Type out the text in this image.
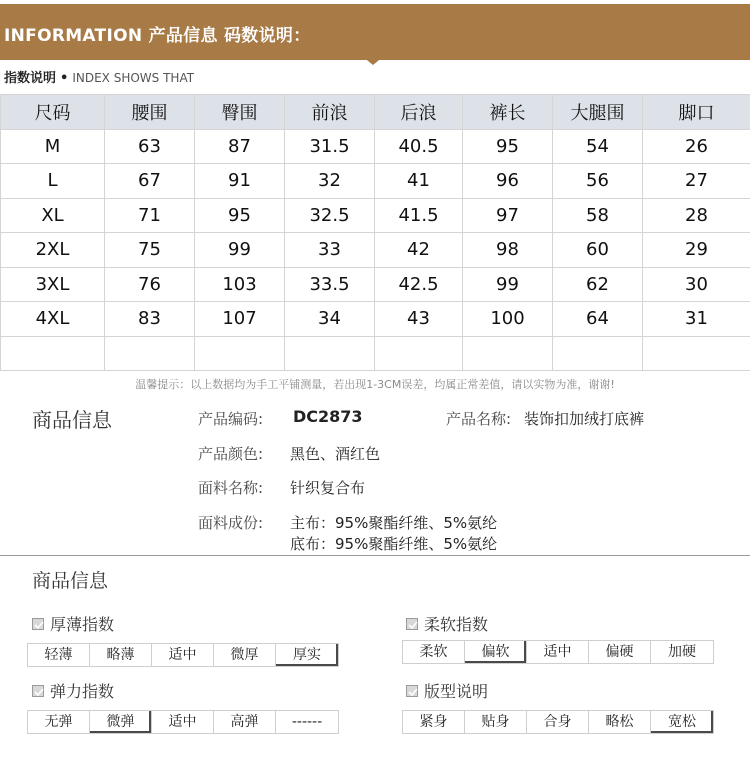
INFORMATION 产品信息 码数说明：
指数说明 • INDEX SHOWS THAT
尺码	腰围	臀围	前浪	后浪	裤长	大腿围	脚口
M	63	87	31.5	40.5	95	54	26
L	67	91	32	41	96	56	27
XL	71	95	32.5	41.5	97	58	28
2XL	75	99	33	42	98	60	29
3XL	76	103	33.5	42.5	99	62	30
4XL	83	107	34	43	100	64	31

温馨提示：以上数据均为手工平铺测量，若出现1-3CM误差，均属正常差值，请以实物为准，谢谢!
商品信息	产品编码: DC2873	产品名称: 装饰扣加绒打底裤
产品颜色: 黑色、酒红色
面料名称: 针织复合布
面料成份: 主布：95%聚酯纤维、5%氨纶
底布：95%聚酯纤维、5%氨纶
商品信息
厚薄指数
轻薄	略薄	适中	微厚	厚实
柔软指数
柔软	偏软	适中	偏硬	加硬
弹力指数
无弹	微弹	适中	高弹	------
版型说明
紧身	贴身	合身	略松	宽松
